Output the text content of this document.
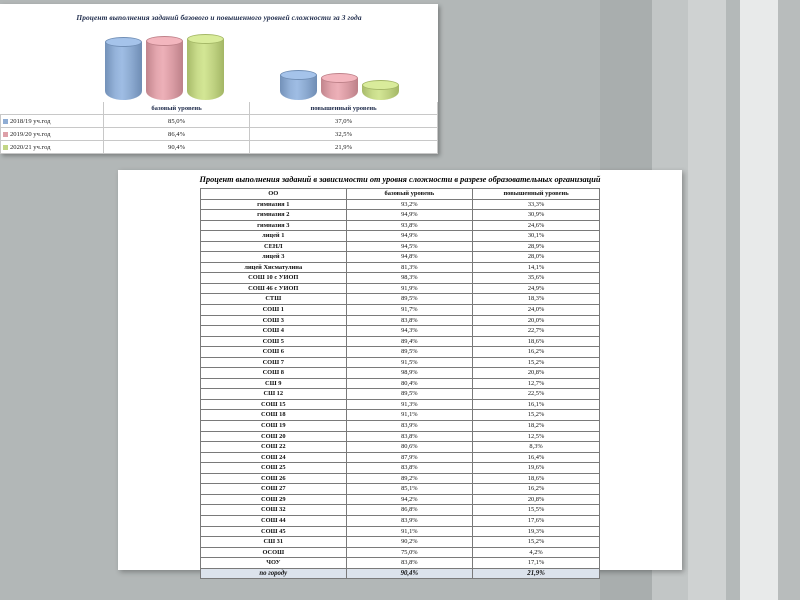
Процент выполнения заданий базового и повышенного уровней сложности за 3 года
	базовый уровень	повышенный уровень
2018/19 уч.год	85,0%	37,0%
2019/20 уч.год	86,4%	32,5%
2020/21 уч.год	90,4%	21,9%
Процент выполнения заданий в зависимости от уровня сложности в разрезе образовательных организаций
ОО	базовый уровень	повышенный уровень
гимназия 1	93,2%	33,3%
гимназия 2	94,9%	30,9%
гимназия 3	93,8%	24,6%
лицей 1	94,9%	30,1%
СЕНЛ	94,5%	28,9%
лицей 3	94,8%	28,0%
лицей Хисматулина	81,3%	14,1%
СОШ 10 с УИОП	98,3%	35,6%
СОШ 46 с УИОП	91,9%	24,9%
СТШ	89,5%	18,3%
СОШ 1	91,7%	24,0%
СОШ 3	83,8%	20,0%
СОШ 4	94,3%	22,7%
СОШ 5	89,4%	18,6%
СОШ 6	89,5%	16,2%
СОШ 7	91,5%	15,2%
СОШ 8	98,9%	20,8%
СШ 9	80,4%	12,7%
СШ 12	89,5%	22,5%
СОШ 15	91,3%	16,1%
СОШ 18	91,1%	15,2%
СОШ 19	83,9%	18,2%
СОШ 20	83,8%	12,5%
СОШ 22	80,6%	8,3%
СОШ 24	87,9%	16,4%
СОШ 25	83,8%	19,6%
СОШ 26	89,2%	18,6%
СОШ 27	85,1%	16,2%
СОШ 29	94,2%	20,8%
СОШ 32	86,8%	15,5%
СОШ 44	83,9%	17,6%
СОШ 45	91,1%	19,3%
СШ 31	90,2%	15,2%
ОСОШ	75,0%	4,2%
ЧОУ	83,8%	17,1%
по городу	90,4%	21,9%
